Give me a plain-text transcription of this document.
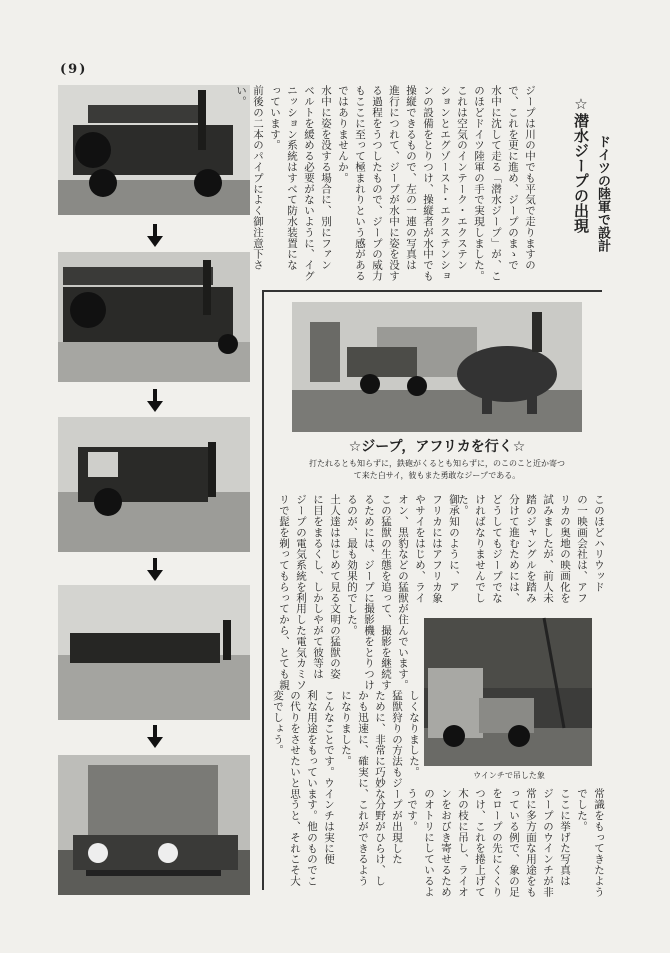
(9)
☆潜水ジープの出現 ドイツの陸軍で設計
ジープは川の中でも平気で走りますの
で、これを更に進め、ジープのまゝで
水中に沈して走る「潜水ジープ」が、こ
のほどドイツ陸軍の手で実現しました。
これは空気のインテーク・エクステン
ションとエグゾースト・エクステンショ
ンの設備をとりつけ、操縦者が水中でも
操縦できるもので、左の一連の写真は
進行につれて、ジープが水中に姿を没す
る過程をうつしたもので、ジープの威力
もここに至って極まれりという感がある
ではありませんか。
水中に姿を没する場合に、別にファン
ベルトを緩める必要がないように、イグ
ニッション系統はすべて防水装置にな
っています。
前後の二本のパイプによく御注意下さ
い。
☆ジープ，アフリカを行く☆
打たれるとも知らずに，鉄砲がくるとも知らずに，のこのこと近か寄つ
て来た白サイ，彼もまた勇敢なジープである。
このほどハリウッド
の一映画会社は、アフ
リカの奥地の映画化を
試みましたが、前人未
踏のジャングルを踏み
分けて進むためには、
どうしてもジープでな
ければなりませんでし
た。
御承知のように、ア
フリカにはアフリカ象
やサイをはじめ、ライ
オン、黒豹などの猛獣が住んでいます。
この猛獣の生態を追って、撮影を継続す
るためには、ジープに撮影機をとりつけ
るのが、最も効果的でした。
土人達ははじめて見る文明の猛獣の姿
に目をまるくし、しかしやがて彼等は
ジープの電気系統を利用した電気カミソ
リで髭を剃ってもらってから、とても親
ウインチで吊した象
しくなりました。
猛獣狩りの方法もジープが出現した
ために、非常に巧妙な分野がひらけ、し
かも迅速に、確実に、これができるよう
になりました。
こんなことです。ウインチは実に便
利な用途をもっています。他のものでこ
の代りをさせたいと思うと、それこそ大
変でしょう。
常識をもってきたよう
でした。
ここに挙げた写真は
ジープのウインチが非
常に多方面な用途をも
っている例で、象の足
をロープの先にくくり
つけ、これを捲上げて
木の枝に吊し、ライオ
ンをおびき寄せるため
のオトリにしているよ
うです。
